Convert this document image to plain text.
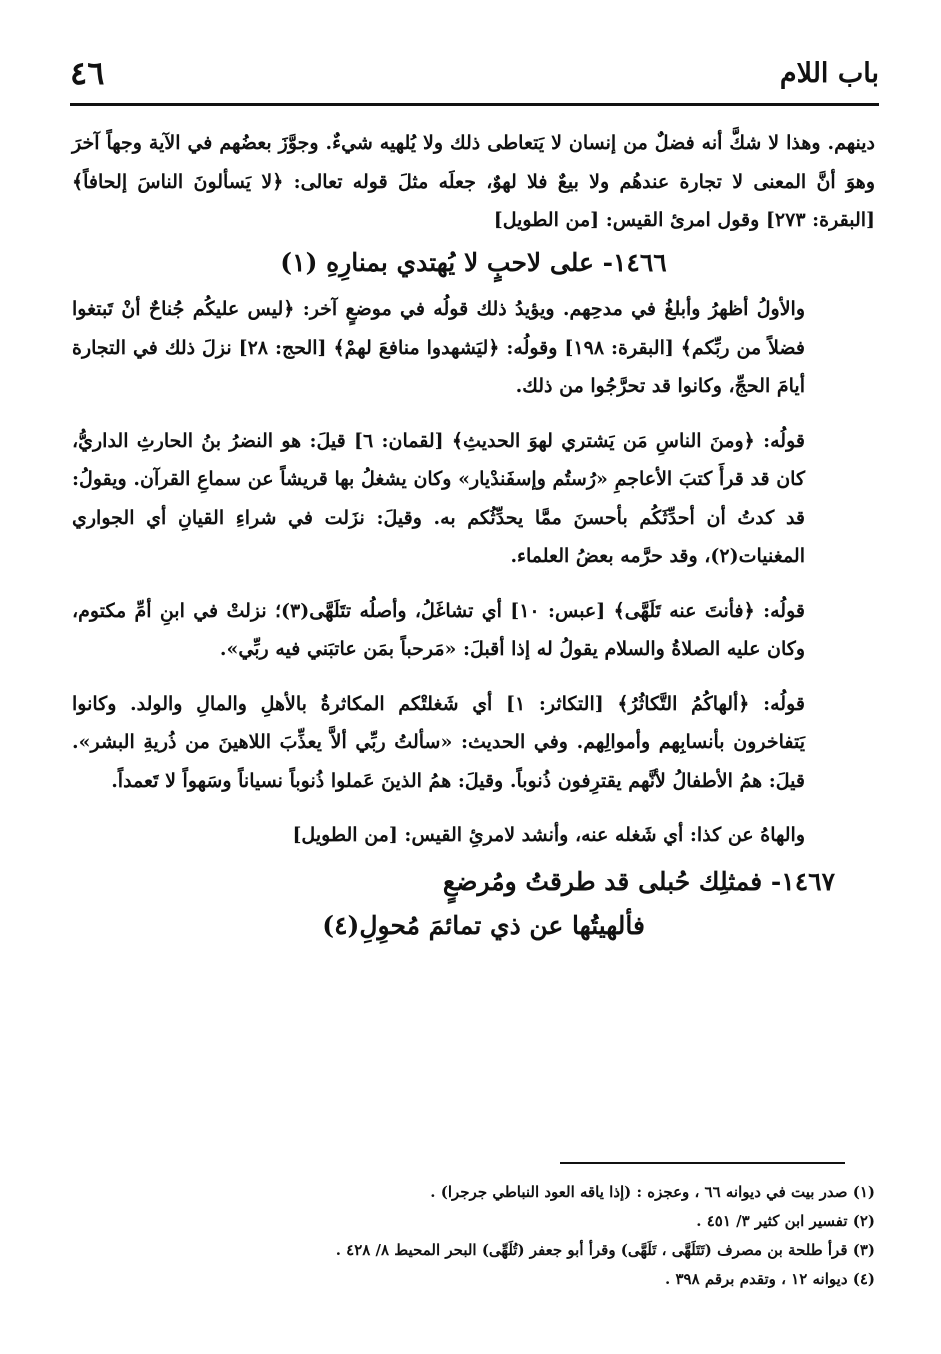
باب اللام
٤٦

دينهم. وهذا لا شكَّ أنه فضلٌ من إنسان لا يَتعاطى ذلك ولا يُلهيه شيءٌ. وجوَّزَ بعضُهم في الآية وجهاً آخرَ وهوَ أنَّ المعنى لا تجارة عندهُم ولا بيعٌ فلا لهوٌ، جعلَه مثلَ قوله تعالى: ﴿لا يَسألونَ الناسَ إلحافاً﴾ [البقرة: ٢٧٣] وقول امرئ القيس: [من الطويل]

١٤٦٦- على لاحبٍ لا يُهتدي بمنارِهِ (١)

والأولُ أظهرُ وأبلغُ في مدحِهم. ويؤيدُ ذلك قولُه في موضعٍ آخر: ﴿ليس عليكُم جُناحٌ أنْ تَبتغوا فضلاً من ربِّكم﴾ [البقرة: ١٩٨] وقولُه: ﴿ليَشهدوا منافعَ لهمْ﴾ [الحج: ٢٨] نزلَ ذلك في التجارة أيامَ الحجِّ، وكانوا قد تحرَّجُوا من ذلك.

قولُه: ﴿ومنَ الناسِ مَن يَشتري لهوَ الحديثِ﴾ [لقمان: ٦] قيلَ: هو النضرُ بنُ الحارثِ الداريُّ، كان قد قرأَ كتبَ الأعاجمِ «رُستُم وإسفَندْيار» وكان يشغلُ بها قريشاً عن سماعِ القرآن. ويقولُ: قد كدتُ أن أحدِّثَكُم بأحسنَ ممَّا يحدِّثُكم به. وقيلَ: نزَلت في شراءِ القيانِ أي الجواري المغنيات(٢)، وقد حرَّمه بعضُ العلماء.

قولُه: ﴿فأنتَ عنه تَلَهَّى﴾ [عبس: ١٠] أي تشاغَلُ، وأصلُه تتَلَهَّى(٣)؛ نزلتْ في ابنِ أمِّ مكتوم، وكان عليه الصلاةُ والسلام يقولُ له إذا أقبلَ: «مَرحباً بمَن عاتبَني فيه ربِّي».

قولُه: ﴿ألهاكُمُ التَّكاثُرُ﴾ [التكاثر: ١] أي شَغلتْكم المكاثرةُ بالأهلِ والمالِ والولد. وكانوا يَتفاخرون بأنسابِهم وأموالِهم. وفي الحديث: «سألتُ ربِّي ألاَّ يعذِّبَ اللاهينَ من ذُريةِ البشر». قيلَ: همُ الأطفالُ لأنَّهم يقترِفون ذُنوباً. وقيلَ: همُ الذينَ عَملوا ذُنوباً نسياناً وسَهواً لا تَعمداً.

والهاهُ عن كذا: أي شَغله عنه، وأنشد لامرئِ القيس: [من الطويل]

١٤٦٧- فمثلِك حُبلى قد طرقتُ ومُرضعٍ
فألهيتُها عن ذي تمائمَ مُحوِلِ(٤)
(١) صدر بيت في ديوانه ٦٦ ، وعجزه : (إذا ياقه العود النباطي جرجرا) .
(٢) تفسير ابن كثير ٣/ ٤٥١ .
(٣) قرأ طلحة بن مصرف (تَتَلَهَّى ، تَلَهَّى) وقرأ أبو جعفر (تُلَهِّى) البحر المحيط ٨/ ٤٢٨ .
(٤) ديوانه ١٢ ، وتقدم برقم ٣٩٨ .
